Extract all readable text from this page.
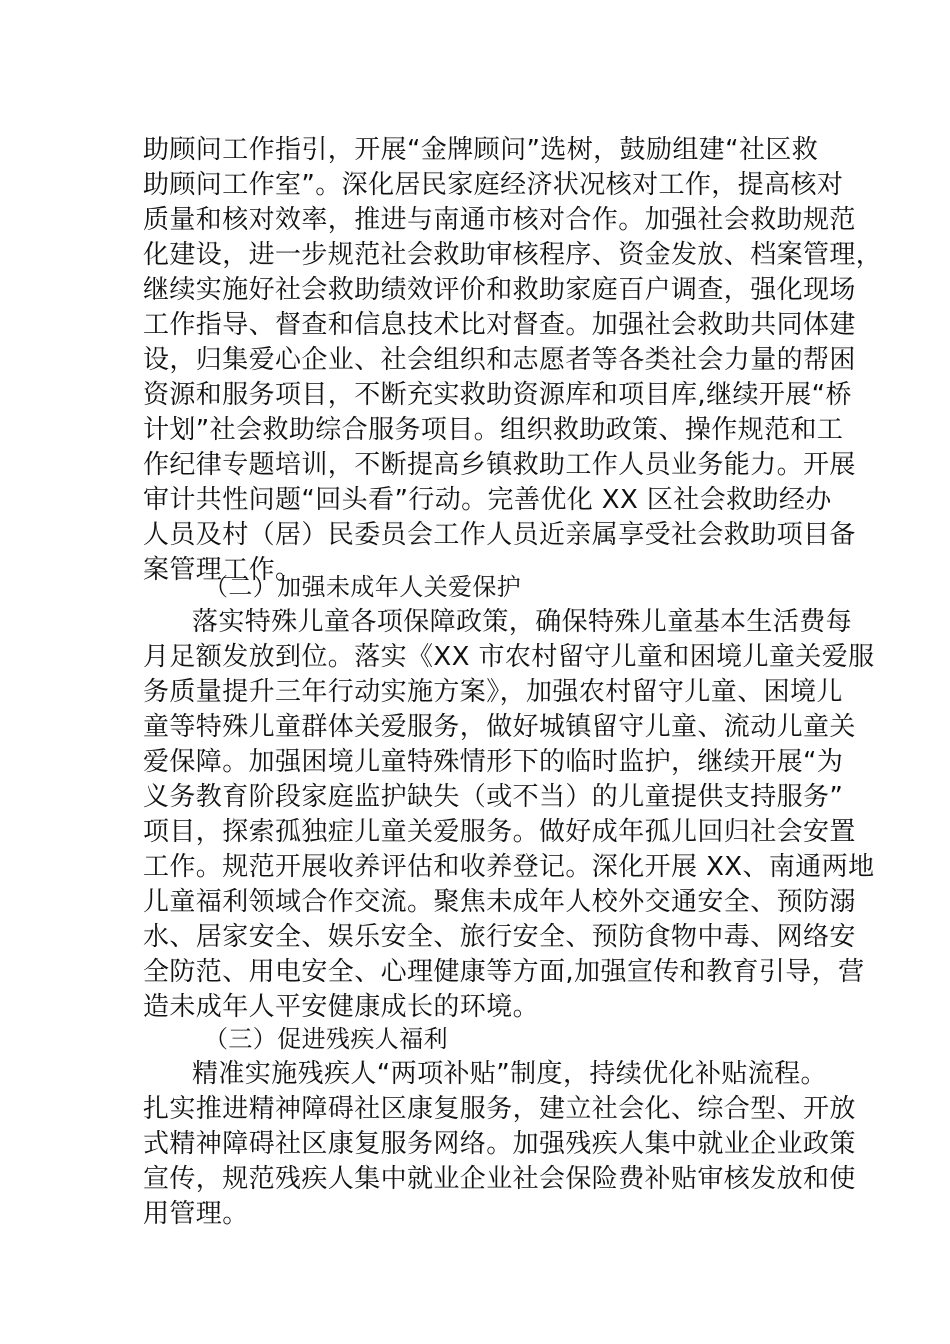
助顾问工作指引，开展“金牌顾问”选树，鼓励组建“社区救
助顾问工作室”。深化居民家庭经济状况核对工作，提高核对
质量和核对效率，推进与南通市核对合作。加强社会救助规范
化建设，进一步规范社会救助审核程序、资金发放、档案管理，
继续实施好社会救助绩效评价和救助家庭百户调查，强化现场
工作指导、督查和信息技术比对督查。加强社会救助共同体建
设，归集爱心企业、社会组织和志愿者等各类社会力量的帮困
资源和服务项目，不断充实救助资源库和项目库,继续开展“桥
计划”社会救助综合服务项目。组织救助政策、操作规范和工
作纪律专题培训，不断提高乡镇救助工作人员业务能力。开展
审计共性问题“回头看”行动。完善优化 XX 区社会救助经办
人员及村（居）民委员会工作人员近亲属享受社会救助项目备
案管理工作。
（二）加强未成年人关爱保护
落实特殊儿童各项保障政策，确保特殊儿童基本生活费每
月足额发放到位。落实《XX 市农村留守儿童和困境儿童关爱服
务质量提升三年行动实施方案》，加强农村留守儿童、困境儿
童等特殊儿童群体关爱服务，做好城镇留守儿童、流动儿童关
爱保障。加强困境儿童特殊情形下的临时监护，继续开展“为
义务教育阶段家庭监护缺失（或不当）的儿童提供支持服务”
项目，探索孤独症儿童关爱服务。做好成年孤儿回归社会安置
工作。规范开展收养评估和收养登记。深化开展 XX、南通两地
儿童福利领域合作交流。聚焦未成年人校外交通安全、预防溺
水、居家安全、娱乐安全、旅行安全、预防食物中毒、网络安
全防范、用电安全、心理健康等方面,加强宣传和教育引导，营
造未成年人平安健康成长的环境。
（三）促进残疾人福利
精准实施残疾人“两项补贴”制度，持续优化补贴流程。
扎实推进精神障碍社区康复服务，建立社会化、综合型、开放
式精神障碍社区康复服务网络。加强残疾人集中就业企业政策
宣传，规范残疾人集中就业企业社会保险费补贴审核发放和使
用管理。
